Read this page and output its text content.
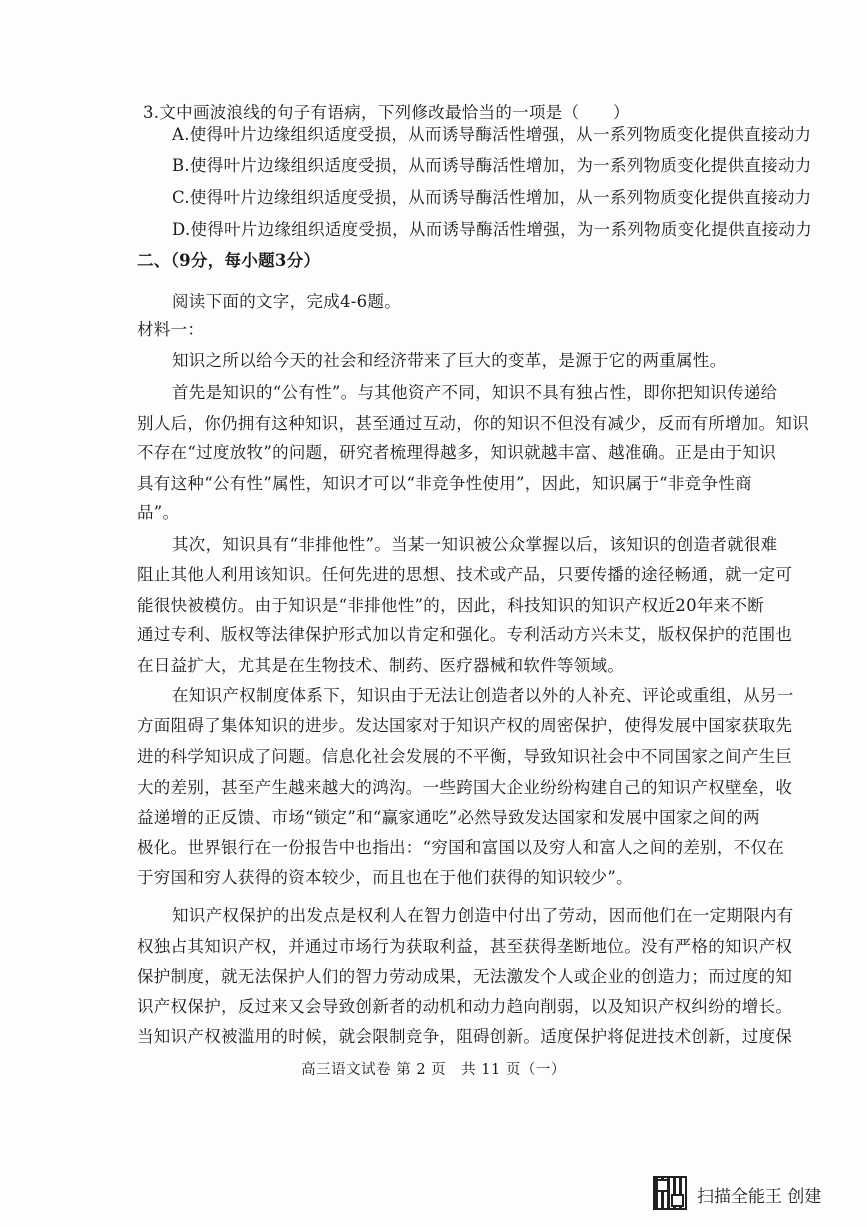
3.文中画波浪线的句子有语病，下列修改最恰当的一项是（　　）
A.使得叶片边缘组织适度受损，从而诱导酶活性增强，从一系列物质变化提供直接动力
B.使得叶片边缘组织适度受损，从而诱导酶活性增加，为一系列物质变化提供直接动力
C.使得叶片边缘组织适度受损，从而诱导酶活性增加，从一系列物质变化提供直接动力
D.使得叶片边缘组织适度受损，从而诱导酶活性增强，为一系列物质变化提供直接动力
二、（9分，每小题3分）
阅读下面的文字，完成4-6题。
材料一：
知识之所以给今天的社会和经济带来了巨大的变革，是源于它的两重属性。
首先是知识的“公有性”。与其他资产不同，知识不具有独占性，即你把知识传递给
别人后，你仍拥有这种知识，甚至通过互动，你的知识不但没有减少，反而有所增加。知识
不存在“过度放牧”的问题，研究者梳理得越多，知识就越丰富、越准确。正是由于知识
具有这种“公有性”属性，知识才可以“非竞争性使用”，因此，知识属于“非竞争性商
品”。
其次，知识具有“非排他性”。当某一知识被公众掌握以后，该知识的创造者就很难
阻止其他人利用该知识。任何先进的思想、技术或产品，只要传播的途径畅通，就一定可
能很快被模仿。由于知识是“非排他性”的，因此，科技知识的知识产权近20年来不断
通过专利、版权等法律保护形式加以肯定和强化。专利活动方兴未艾，版权保护的范围也
在日益扩大，尤其是在生物技术、制药、医疗器械和软件等领域。
在知识产权制度体系下，知识由于无法让创造者以外的人补充、评论或重组，从另一
方面阻碍了集体知识的进步。发达国家对于知识产权的周密保护，使得发展中国家获取先
进的科学知识成了问题。信息化社会发展的不平衡，导致知识社会中不同国家之间产生巨
大的差别，甚至产生越来越大的鸿沟。一些跨国大企业纷纷构建自己的知识产权壁垒，收
益递增的正反馈、市场“锁定”和“赢家通吃”必然导致发达国家和发展中国家之间的两
极化。世界银行在一份报告中也指出：“穷国和富国以及穷人和富人之间的差别，不仅在
于穷国和穷人获得的资本较少，而且也在于他们获得的知识较少”。
知识产权保护的出发点是权利人在智力创造中付出了劳动，因而他们在一定期限内有
权独占其知识产权，并通过市场行为获取利益，甚至获得垄断地位。没有严格的知识产权
保护制度，就无法保护人们的智力劳动成果，无法激发个人或企业的创造力；而过度的知
识产权保护，反过来又会导致创新者的动机和动力趋向削弱，以及知识产权纠纷的增长。
当知识产权被滥用的时候，就会限制竞争，阻碍创新。适度保护将促进技术创新，过度保
高三语文试卷 第 2 页　共 11 页（一）
扫描全能王 创建
